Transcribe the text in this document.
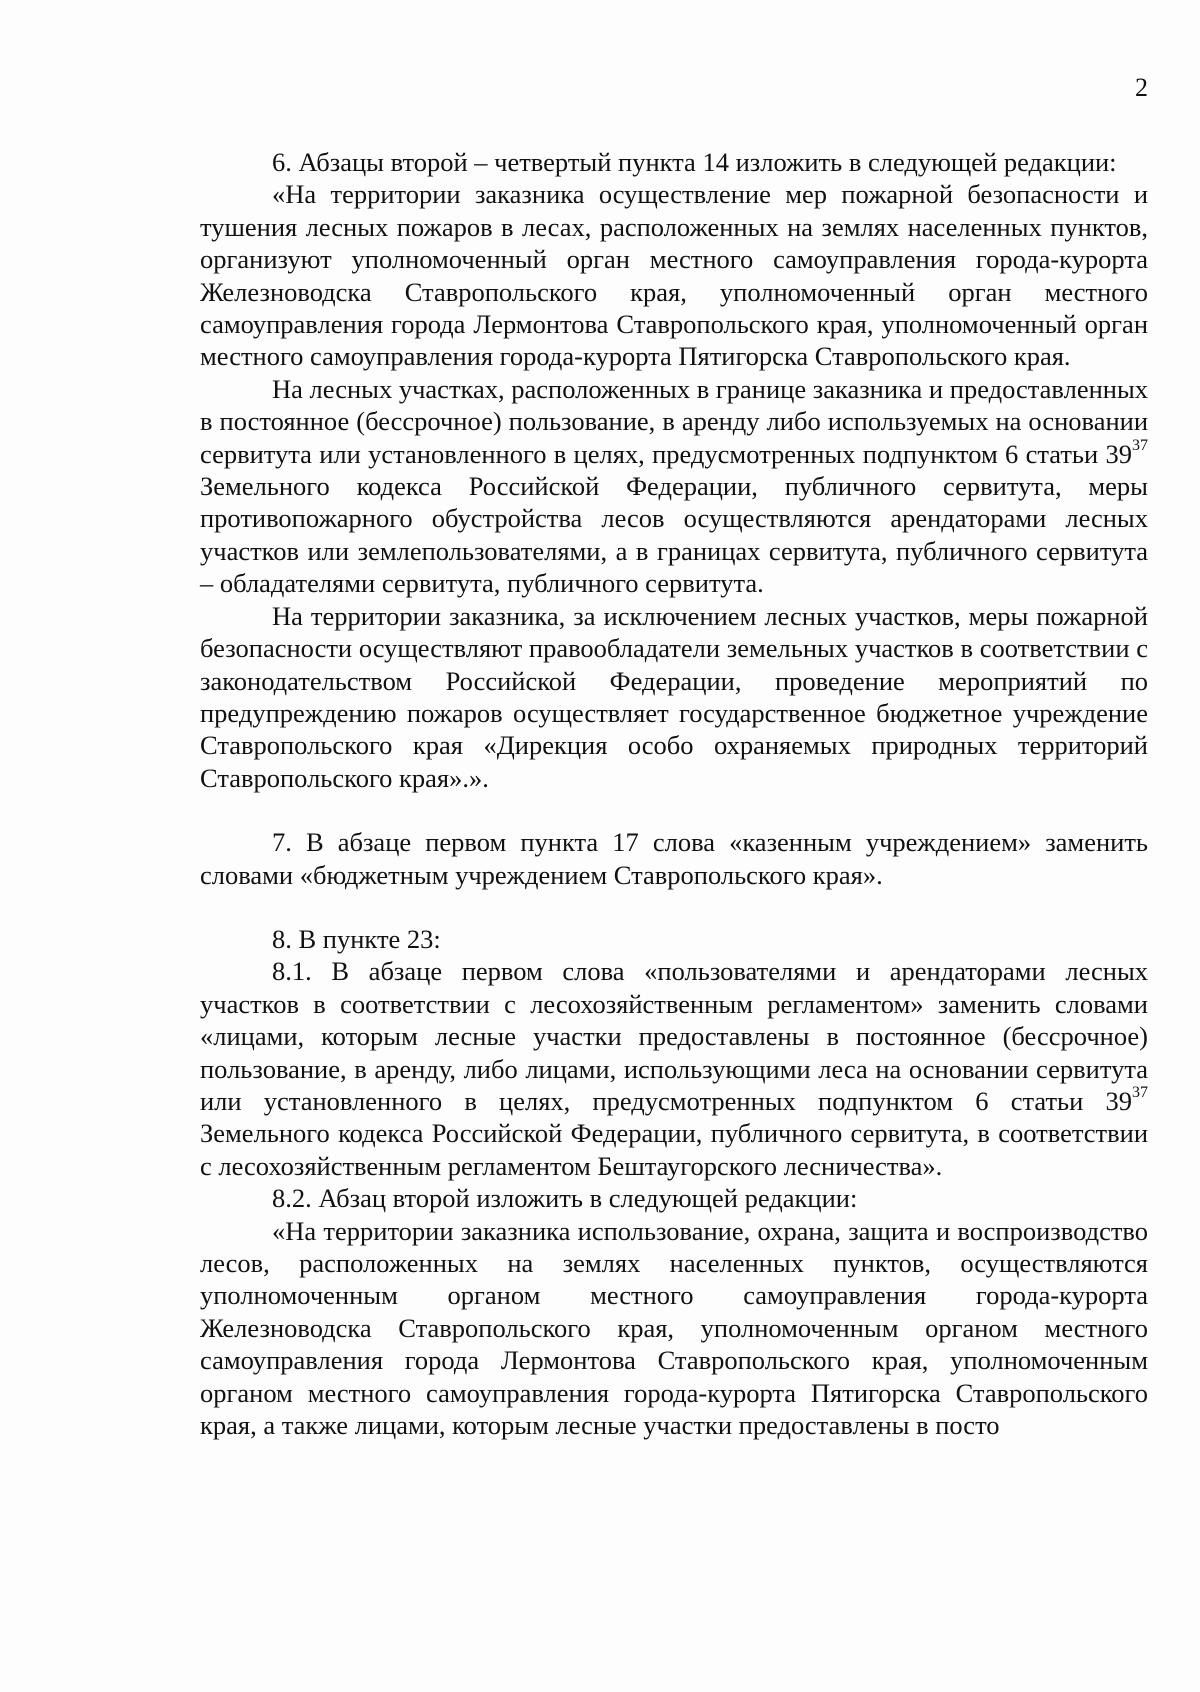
2

6. Абзацы второй – четвертый пункта 14 изложить в следующей редакции:

«На территории заказника осуществление мер пожарной безопасности и тушения лесных пожаров в лесах, расположенных на землях населенных пунктов, организуют уполномоченный орган местного самоуправления города-курорта Железноводска Ставропольского края, уполномоченный орган местного самоуправления города Лермонтова Ставропольского края, уполномоченный орган местного самоуправления города-курорта Пятигорска Ставропольского края.

На лесных участках, расположенных в границе заказника и предоставленных в постоянное (бессрочное) пользование, в аренду либо используемых на основании сервитута или установленного в целях, предусмотренных подпунктом 6 статьи $39^{37}$ Земельного кодекса Российской Федерации, публичного сервитута, меры противопожарного обустройства лесов осуществляются арендаторами лесных участков или землепользователями, а в границах сервитута, публичного сервитута – обладателями сервитута, публичного сервитута.

На территории заказника, за исключением лесных участков, меры пожарной безопасности осуществляют правообладатели земельных участков в соответствии с законодательством Российской Федерации, проведение мероприятий по предупреждению пожаров осуществляет государственное бюджетное учреждение Ставропольского края «Дирекция особо охраняемых природных территорий Ставропольского края».».

7. В абзаце первом пункта 17 слова «казенным учреждением» заменить словами «бюджетным учреждением Ставропольского края».

8. В пункте 23:

8.1. В абзаце первом слова «пользователями и арендаторами лесных участков в соответствии с лесохозяйственным регламентом» заменить словами «лицами, которым лесные участки предоставлены в постоянное (бессрочное) пользование, в аренду, либо лицами, использующими леса на основании сервитута или установленного в целях, предусмотренных подпунктом 6 статьи $39^{37}$ Земельного кодекса Российской Федерации, публичного сервитута, в соответствии с лесохозяйственным регламентом Бештаугорского лесничества».

8.2. Абзац второй изложить в следующей редакции:

«На территории заказника использование, охрана, защита и воспроизводство лесов, расположенных на землях населенных пунктов, осуществляются уполномоченным органом местного самоуправления города-курорта Железноводска Ставропольского края, уполномоченным органом местного самоуправления города Лермонтова Ставропольского края, уполномоченным органом местного самоуправления города-курорта Пятигорска Ставропольского края, а также лицами, которым лесные участки предоставлены в посто
